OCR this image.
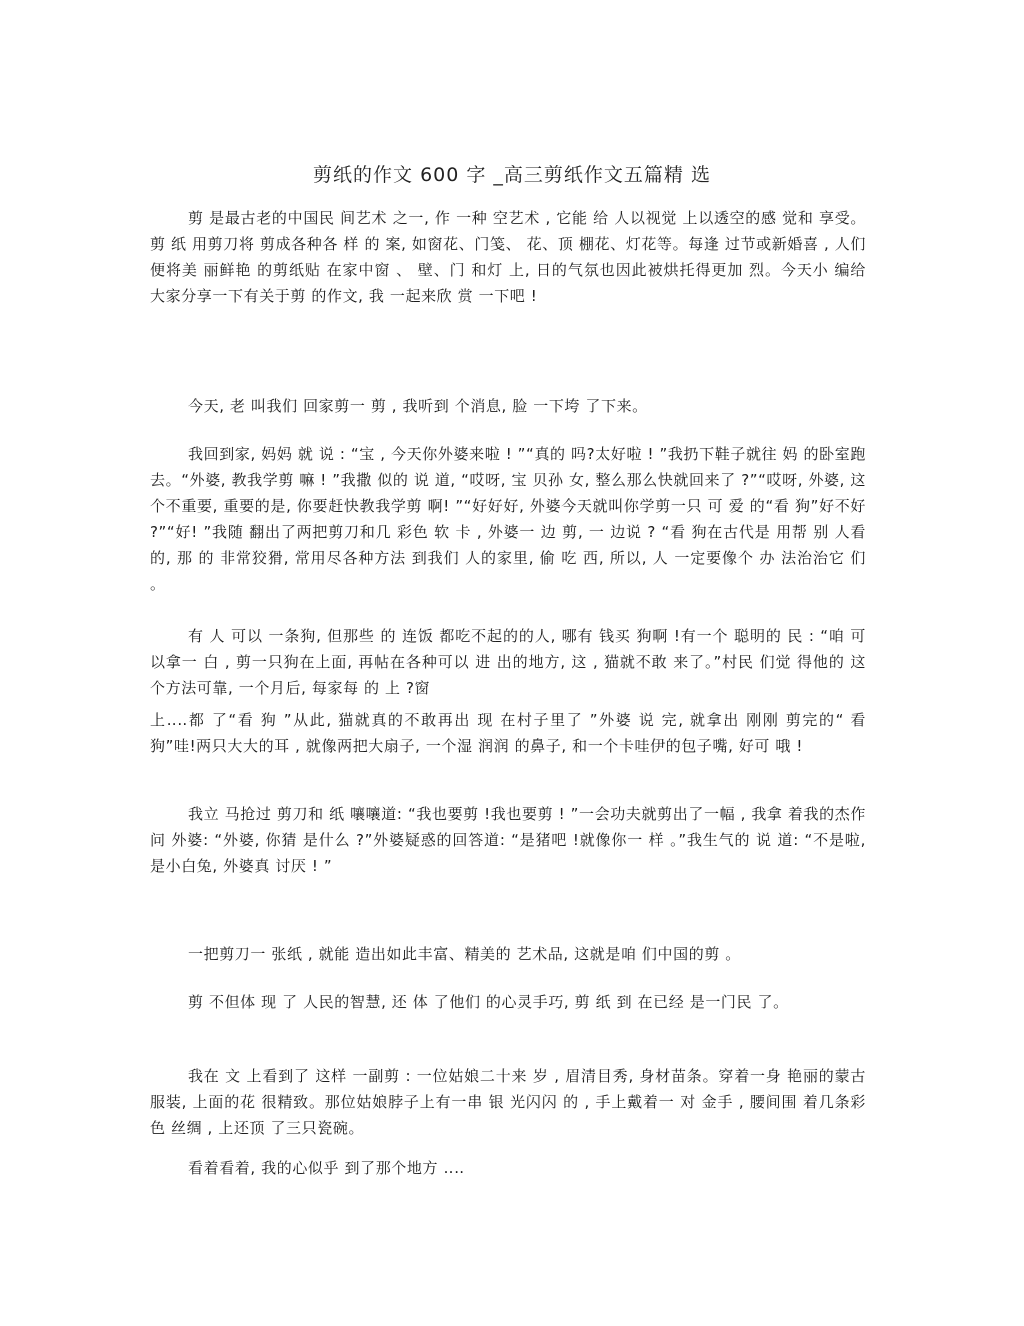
剪纸的作文 600 字 _高三剪纸作文五篇精 选
剪 是最古老的中国民 间艺术 之一, 作 一种 空艺术 , 它能 给 人以视觉 上以透空的感 觉和 享受。剪 纸 用剪刀将 剪成各种各 样 的 案, 如窗花、门笺、 花、顶 棚花、灯花等。每逢 过节或新婚喜 , 人们 便将美 丽鲜艳 的剪纸贴 在家中窗 、 壁、门 和灯 上, 日的气氛也因此被烘托得更加 烈。今天小 编给 大家分享一下有关于剪 的作文, 我 一起来欣 赏 一下吧 !
今天, 老 叫我们 回家剪一 剪 , 我听到 个消息, 脸 一下垮 了下来。
我回到家, 妈妈 就 说 : “宝 , 今天你外婆来啦 ! ”“真的 吗?太好啦 ! ”我扔下鞋子就往 妈 的卧室跑去。“外婆, 教我学剪 嘛 ! ”我撒 似的 说 道, “哎呀, 宝 贝孙 女, 整么那么快就回来了 ?”“哎呀, 外婆, 这 个不重要, 重要的是, 你要赶快教我学剪 啊! ”“好好好, 外婆今天就叫你学剪一只 可 爱 的“看 狗”好不好 ?”“好! ”我随 翻出了两把剪刀和几 彩色 软 卡 , 外婆一 边 剪, 一 边说 ? “看 狗在古代是 用帮 别 人看 的, 那 的 非常狡猾, 常用尽各种方法 到我们 人的家里, 偷 吃 西, 所以, 人 一定要像个 办 法治治它 们 。
有 人 可以 一条狗, 但那些 的 连饭 都吃不起的的人, 哪有 钱买 狗啊 !有一个 聪明的 民 : “咱 可以拿一 白 , 剪一只狗在上面, 再帖在各种可以 进 出的地方, 这 , 猫就不敢 来了。”村民 们觉 得他的 这 个方法可靠, 一个月后, 每家每 的 上 ?窗
上‥‥都 了“看 狗 ”从此, 猫就真的不敢再出 现 在村子里了 ”外婆 说 完, 就拿出 刚刚 剪完的“ 看 狗”哇!两只大大的耳 , 就像两把大扇子, 一个湿 润润 的鼻子, 和一个卡哇伊的包子嘴, 好可 哦 !
我立 马抢过 剪刀和 纸 嚷嚷道: “我也要剪 !我也要剪 ! ”一会功夫就剪出了一幅 , 我拿 着我的杰作 问 外婆: “外婆, 你猜 是什么 ?”外婆疑惑的回答道: “是猪吧 !就像你一 样 。”我生气的 说 道: “不是啦, 是小白兔, 外婆真 讨厌 ! ”
一把剪刀一 张纸 , 就能 造出如此丰富、精美的 艺术品, 这就是咱 们中国的剪 。
剪 不但体 现 了 人民的智慧, 还 体 了他们 的心灵手巧, 剪 纸 到 在已经 是一门民 了。
我在 文 上看到了 这样 一副剪 : 一位姑娘二十来 岁 , 眉清目秀, 身材苗条。穿着一身 艳丽的蒙古服装, 上面的花 很精致。那位姑娘脖子上有一串 银 光闪闪 的 , 手上戴着一 对 金手 , 腰间围 着几条彩色 丝绸 , 上还顶 了三只瓷碗。
看着看着, 我的心似乎 到了那个地方 ‥‥
